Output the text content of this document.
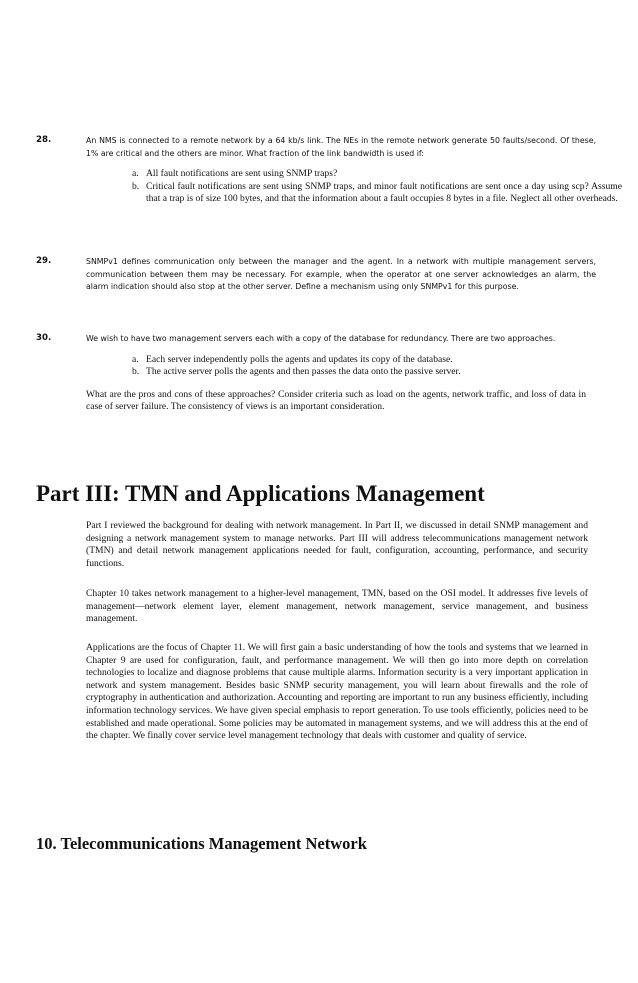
28.	An NMS is connected to a remote network by a 64 kb/s link. The NEs in the remote network generate 50 faults/second. Of these, 1% are critical and the others are minor. What fraction of the link bandwidth is used if:
a. All fault notifications are sent using SNMP traps?
b. Critical fault notifications are sent using SNMP traps, and minor fault notifications are sent once a day using scp? Assume that a trap is of size 100 bytes, and that the information about a fault occupies 8 bytes in a file. Neglect all other overheads.
29.	SNMPv1 defines communication only between the manager and the agent. In a network with multiple management servers, communication between them may be necessary. For example, when the operator at one server acknowledges an alarm, the alarm indication should also stop at the other server. Define a mechanism using only SNMPv1 for this purpose.
30.	We wish to have two management servers each with a copy of the database for redundancy. There are two approaches.
a. Each server independently polls the agents and updates its copy of the database.
b. The active server polls the agents and then passes the data onto the passive server.
What are the pros and cons of these approaches? Consider criteria such as load on the agents, network traffic, and loss of data in case of server failure. The consistency of views is an important consideration.
Part III: TMN and Applications Management

Part I reviewed the background for dealing with network management. In Part II, we discussed in detail SNMP management and designing a network management system to manage networks. Part III will address telecommunications management network (TMN) and detail network management applications needed for fault, configuration, accounting, performance, and security functions.

Chapter 10 takes network management to a higher-level management, TMN, based on the OSI model. It addresses five levels of management—network element layer, element management, network management, service management, and business management.

Applications are the focus of Chapter 11. We will first gain a basic understanding of how the tools and systems that we learned in Chapter 9 are used for configuration, fault, and performance management. We will then go into more depth on correlation technologies to localize and diagnose problems that cause multiple alarms. Information security is a very important application in network and system management. Besides basic SNMP security management, you will learn about firewalls and the role of cryptography in authentication and authorization. Accounting and reporting are important to run any business efficiently, including information technology services. We have given special emphasis to report generation. To use tools efficiently, policies need to be established and made operational. Some policies may be automated in management systems, and we will address this at the end of the chapter. We finally cover service level management technology that deals with customer and quality of service.

10. Telecommunications Management Network
